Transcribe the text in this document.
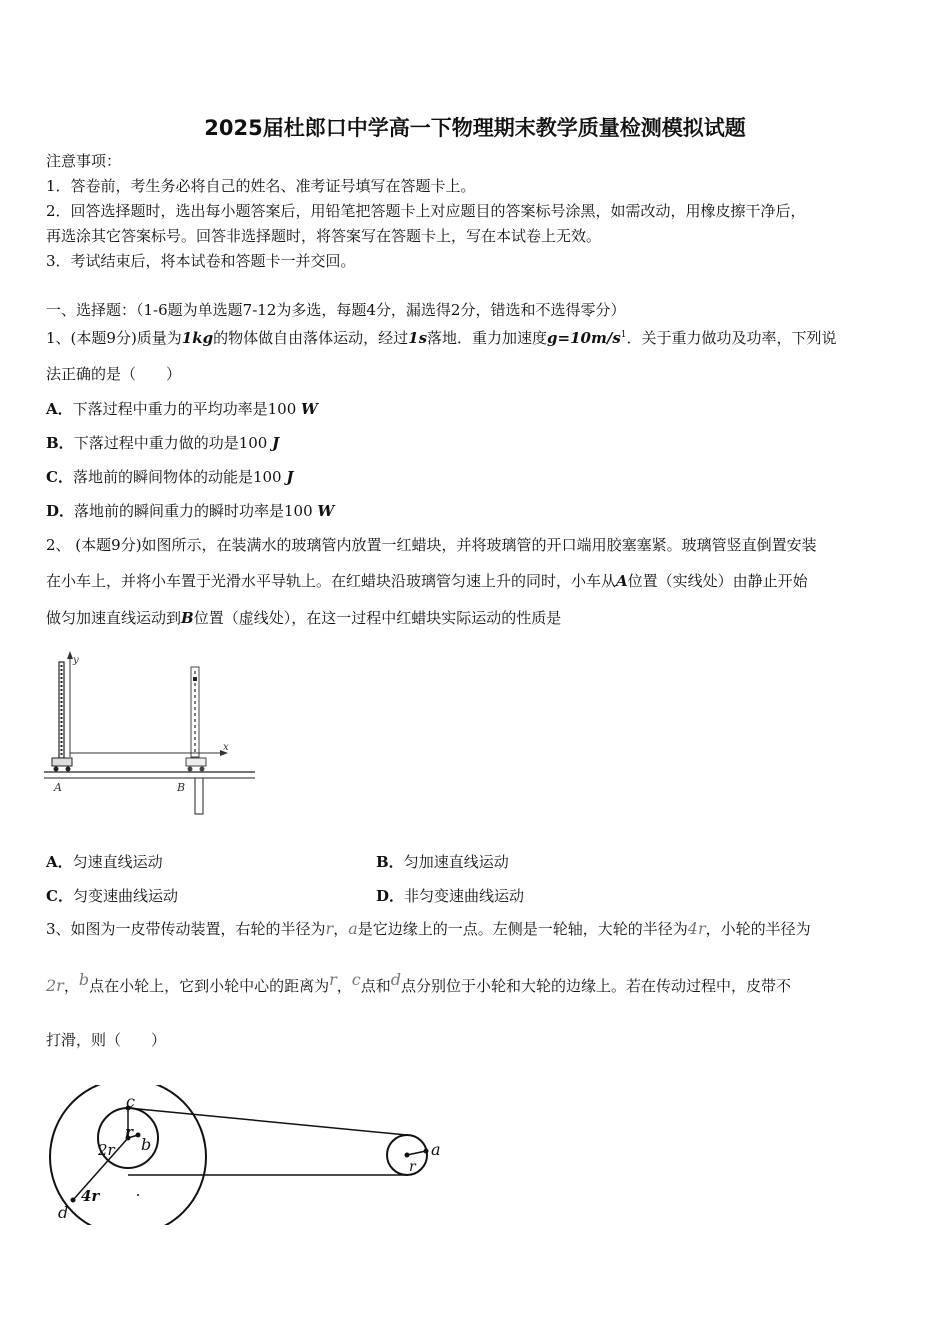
2025届杜郎口中学高一下物理期末教学质量检测模拟试题
注意事项：
1．答卷前，考生务必将自己的姓名、准考证号填写在答题卡上。
2．回答选择题时，选出每小题答案后，用铅笔把答题卡上对应题目的答案标号涂黑，如需改动，用橡皮擦干净后，
再选涂其它答案标号。回答非选择题时，将答案写在答题卡上，写在本试卷上无效。
3．考试结束后，将本试卷和答题卡一并交回。
一、选择题：（1-6题为单选题7-12为多选，每题4分，漏选得2分，错选和不选得零分）
1、(本题9分)质量为1kg的物体做自由落体运动，经过1s落地．重力加速度$g=10m/s^1$．关于重力做功及功率，下列说
法正确的是（　　）
A．下落过程中重力的平均功率是100 W
B．下落过程中重力做的功是100 J
C．落地前的瞬间物体的动能是100 J
D．落地前的瞬间重力的瞬时功率是100 W
2、 (本题9分)如图所示，在装满水的玻璃管内放置一红蜡块，并将玻璃管的开口端用胶塞塞紧。玻璃管竖直倒置安装
在小车上，并将小车置于光滑水平导轨上。在红蜡块沿玻璃管匀速上升的同时，小车从A位置（实线处）由静止开始
做匀加速直线运动到B位置（虚线处），在这一过程中红蜡块实际运动的性质是
y
x
A	B
A．匀速直线运动	B．匀加速直线运动
C．匀变速曲线运动	D．非匀变速曲线运动
3、如图为一皮带传动装置，右轮的半径为r，a是它边缘上的一点。左侧是一轮轴，大轮的半径为4r，小轮的半径为
2r，$^b$点在小轮上，它到小轮中心的距离为$^r$，$^c$点和$^d$点分别位于小轮和大轮的边缘上。若在传动过程中，皮带不
打滑，则（　　）
c
r
2r b
4r
d
a
r
